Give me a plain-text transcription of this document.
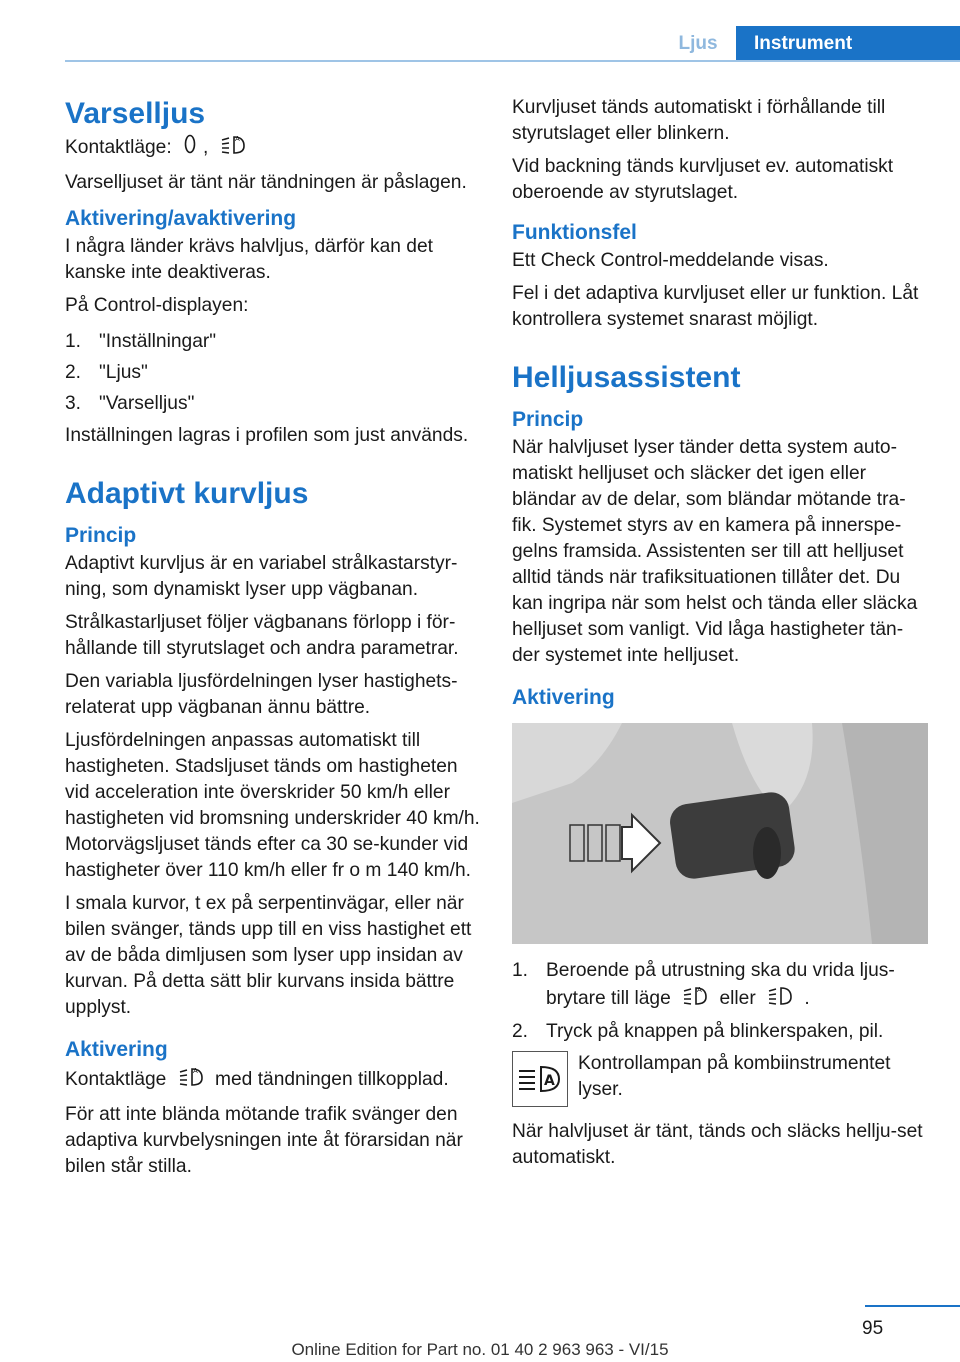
Ljus	Instrument
Varselljus
Kontaktläge: ,	A
Varselljuset är tänt när tändningen är påslagen.
Aktivering/avaktivering
I några länder krävs halvljus, därför kan det kanske inte deaktiveras.
På Control-displayen:
1. "Inställningar"
2. "Ljus"
3. "Varselljus"
Inställningen lagras i profilen som just används.
Adaptivt kurvljus
Princip
Adaptivt kurvljus är en variabel strålkastarstyr-ning, som dynamiskt lyser upp vägbanan.
Strålkastarljuset följer vägbanans förlopp i för-hållande till styrutslaget och andra parametrar.
Den variabla ljusfördelningen lyser hastighets-relaterat upp vägbanan ännu bättre.
Ljusfördelningen anpassas automatiskt till hastigheten. Stadsljuset tänds om hastigheten vid acceleration inte överskrider 50 km/h eller hastigheten vid bromsning underskrider 40 km/h. Motorvägsljuset tänds efter ca 30 se-kunder vid hastigheter över 110 km/h eller fr o m 140 km/h.
I smala kurvor, t ex på serpentinvägar, eller när bilen svänger, tänds upp till en viss hastighet ett av de båda dimljusen som lyser upp insidan av kurvan. På detta sätt blir kurvans insida bättre upplyst.
Aktivering
Kontaktläge	A med tändningen tillkopplad.
För att inte blända mötande trafik svänger den adaptiva kurvbelysningen inte åt förarsidan när bilen står stilla.
Kurvljuset tänds automatiskt i förhållande till styrutslaget eller blinkern.
Vid backning tänds kurvljuset ev. automatiskt oberoende av styrutslaget.
Funktionsfel
Ett Check Control-meddelande visas.
Fel i det adaptiva kurvljuset eller ur funktion. Låt kontrollera systemet snarast möjligt.
Helljusassistent
Princip
När halvljuset lyser tänder detta system auto-matiskt helljuset och släcker det igen eller bländar av de delar, som bländar mötande tra-fik. Systemet styrs av en kamera på innerspe-gelns framsida. Assistenten ser till att helljuset alltid tänds när trafiksituationen tillåter det. Du kan ingripa när som helst och tända eller släcka helljuset som vanligt. Vid låga hastigheter tän-der systemet inte helljuset.
Aktivering
1. Beroende på utrustning ska du vrida ljus-brytare till läge	A eller	.
2. Tryck på knappen på blinkerspaken, pil.
A
Kontrollampan på kombiinstrumentet lyser.
När halvljuset är tänt, tänds och släcks hellju-set automatiskt.
95
Online Edition for Part no. 01 40 2 963 963 - VI/15
